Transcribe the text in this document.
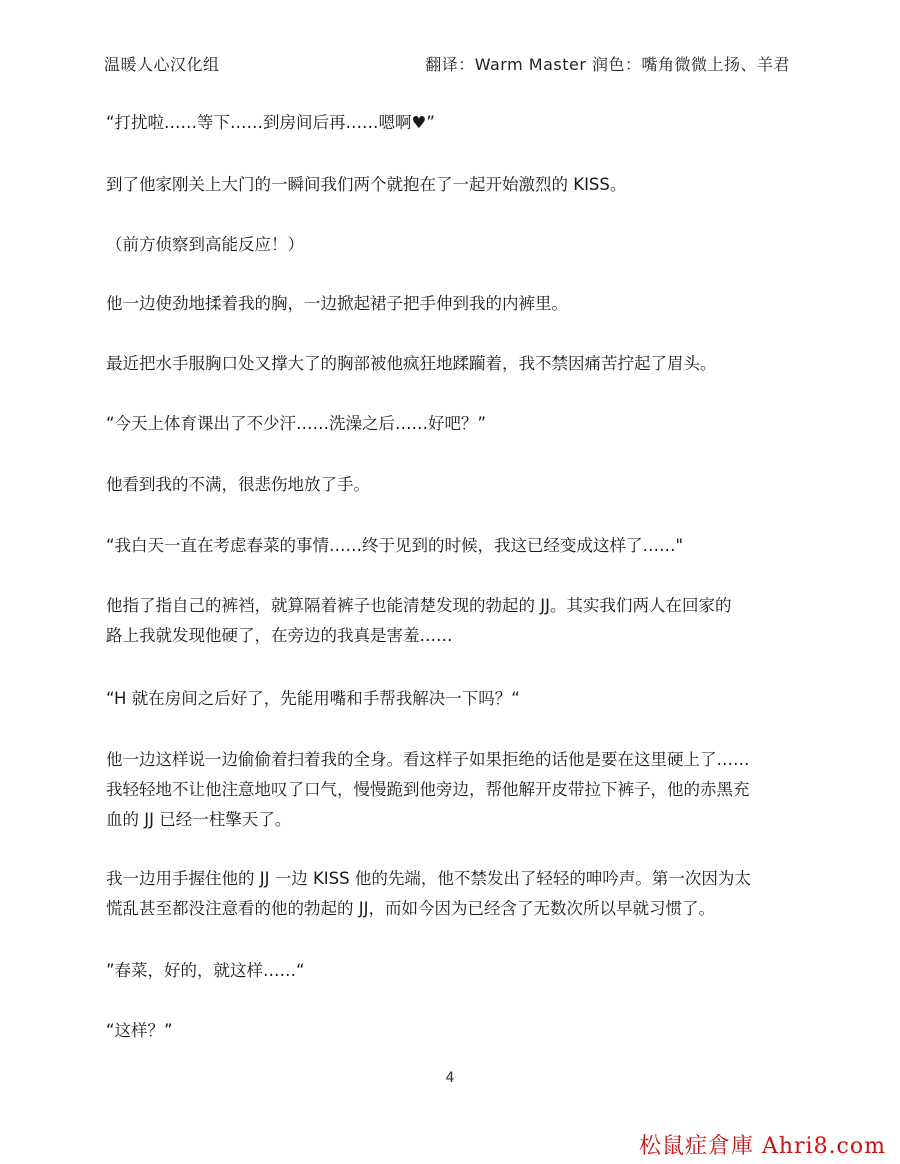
温暖人心汉化组	翻译：Warm Master 润色：嘴角微微上扬、羊君

“打扰啦……等下……到房间后再……嗯啊♥”

到了他家刚关上大门的一瞬间我们两个就抱在了一起开始激烈的 KISS。

（前方侦察到高能反应！）

他一边使劲地揉着我的胸，一边掀起裙子把手伸到我的内裤里。

最近把水手服胸口处又撑大了的胸部被他疯狂地蹂躏着，我不禁因痛苦拧起了眉头。

“今天上体育课出了不少汗……洗澡之后……好吧？”

他看到我的不满，很悲伤地放了手。

“我白天一直在考虑春菜的事情……终于见到的时候，我这已经变成这样了……"

他指了指自己的裤裆，就算隔着裤子也能清楚发现的勃起的 JJ。其实我们两人在回家的
路上我就发现他硬了，在旁边的我真是害羞……

“H 就在房间之后好了，先能用嘴和手帮我解决一下吗？“

他一边这样说一边偷偷着扫着我的全身。看这样子如果拒绝的话他是要在这里硬上了……
我轻轻地不让他注意地叹了口气，慢慢跪到他旁边，帮他解开皮带拉下裤子，他的赤黑充
血的 JJ 已经一柱擎天了。

我一边用手握住他的 JJ 一边 KISS 他的先端，他不禁发出了轻轻的呻吟声。第一次因为太
慌乱甚至都没注意看的他的勃起的 JJ，而如今因为已经含了无数次所以早就习惯了。

”春菜，好的，就这样……“

“这样？”

4
松鼠症倉庫 Ahri8.com
